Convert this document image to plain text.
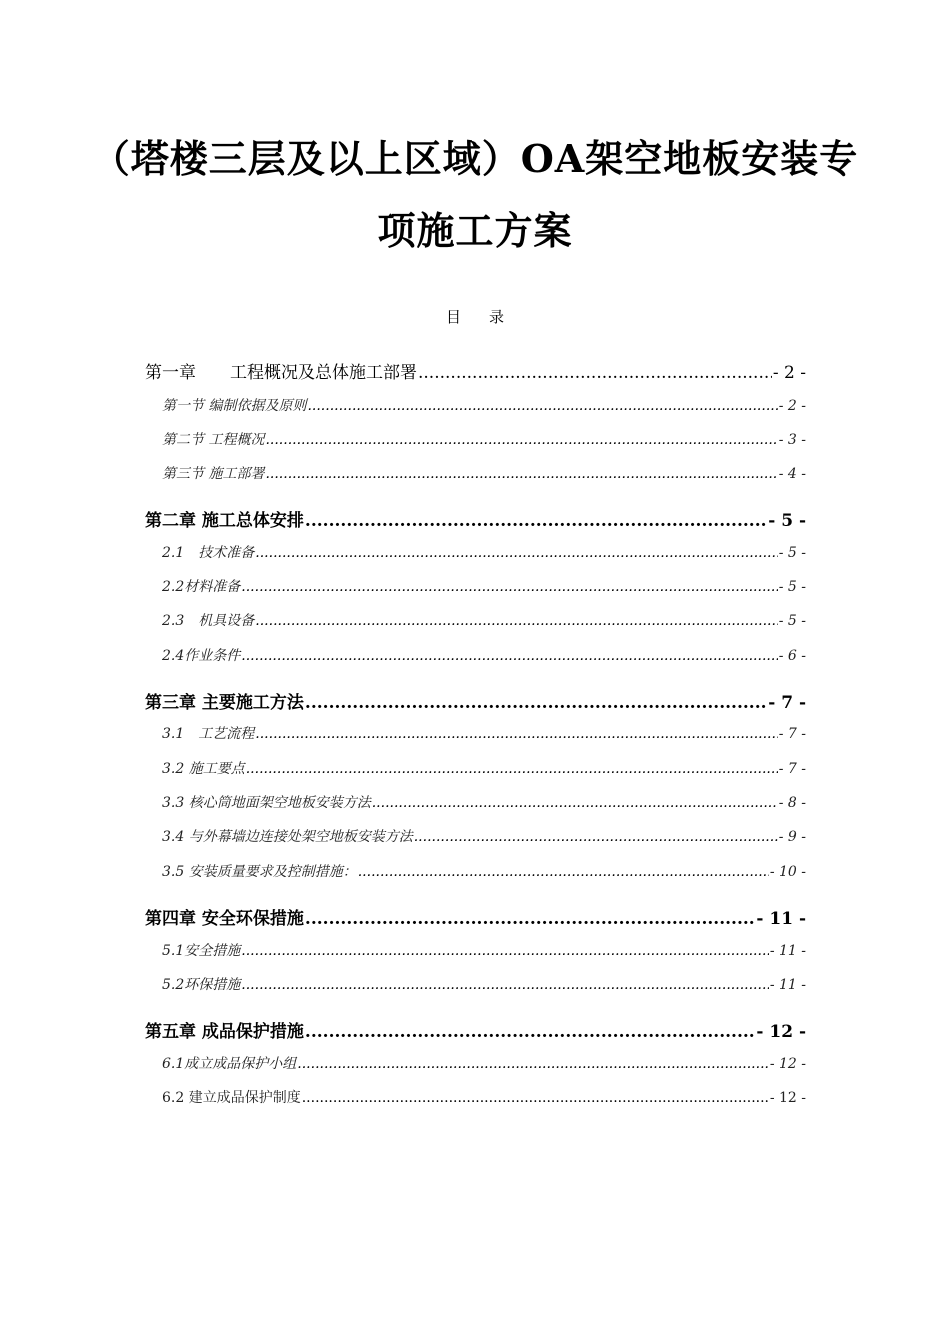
（塔楼三层及以上区域）OA架空地板安装专
项施工方案
目录
第一章　　工程概况及总体施工部署 .....	- 2 -
第一节 编制依据及原则 .....	- 2 -
第二节 工程概况 .....	- 3 -
第三节 施工部署 .....	- 4 -
第二章 施工总体安排 .....	- 5 -
2.1　技术准备 .....	- 5 -
2.2材料准备 .....	- 5 -
2.3　机具设备 .....	- 5 -
2.4作业条件 .....	- 6 -
第三章 主要施工方法 .....	- 7 -
3.1　工艺流程 .....	- 7 -
3.2 施工要点 .....	- 7 -
3.3 核心筒地面架空地板安装方法 .....	- 8 -
3.4 与外幕墙边连接处架空地板安装方法 .....	- 9 -
3.5 安装质量要求及控制措施： .....	- 10 -
第四章 安全环保措施 .....	- 11 -
5.1安全措施 .....	- 11 -
5.2环保措施 .....	- 11 -
第五章 成品保护措施 .....	- 12 -
6.1成立成品保护小组 .....	- 12 -
6.2 建立成品保护制度 .....	- 12 -
